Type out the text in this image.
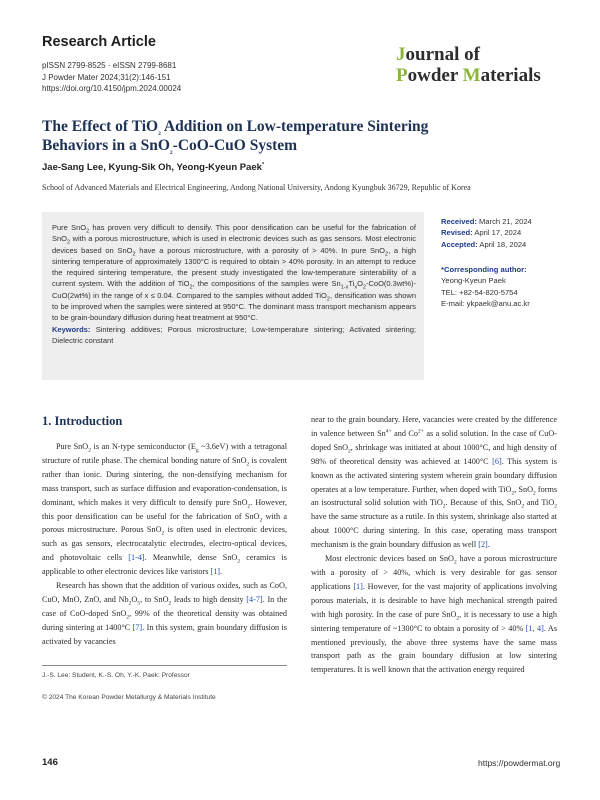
Research Article
pISSN 2799-8525 · eISSN 2799-8681
J Powder Mater 2024;31(2):146-151
https://doi.org/10.4150/jpm.2024.00024
Journal of
Powder Materials
The Effect of TiO$_2$ Addition on Low-temperature Sintering
Behaviors in a SnO$_2$-CoO-CuO System
Jae-Sang Lee, Kyung-Sik Oh, Yeong-Kyeun Paek*
School of Advanced Materials and Electrical Engineering, Andong National University, Andong Kyungbuk 36729, Republic of Korea

Pure SnO$_2$ has proven very difficult to densify. This poor densification can be useful for the fabrication of SnO$_2$ with a porous microstructure, which is used in electronic devices such as gas sensors. Most electronic devices based on SnO$_2$ have a porous microstructure, with a porosity of > 40%. In pure SnO$_2$, a high sintering temperature of approximately 1300°C is required to obtain > 40% porosity. In an attempt to reduce the required sintering temperature, the present study investigated the low-temperature sinterability of a current system. With the addition of TiO$_2$, the compositions of the samples were $Sn_{1-x}Ti_xO_2-CoO(0.3wt\%)-CuO(2wt\%)$ in the range of x ≤ 0.04. Compared to the samples without added TiO$_2$, densification was shown to be improved when the samples were sintered at 950°C. The dominant mass transport mechanism appears to be grain-boundary diffusion during heat treatment at 950°C.

Keywords: Sintering additives; Porous microstructure; Low-temperature sintering; Activated sintering; Dielectric constant

Received: March 21, 2024
Revised: April 17, 2024
Accepted: April 18, 2024
*Corresponding author:
Yeong-Kyeun Paek
TEL: +82-54-820-5754
E-mail: ykpaek@anu.ac.kr
1. Introduction

Pure SnO$_2$ is an N-type semiconductor ($E_g$ ~3.6eV) with a tetragonal structure of rutile phase. The chemical bonding nature of SnO$_2$ is covalent rather than ionic. During sintering, the non-densifying mechanism for mass transport, such as surface diffusion and evaporation-condensation, is dominant, which makes it very difficult to densify pure SnO$_2$. However, this poor densification can be useful for the fabrication of SnO$_2$ with a porous microstructure. Porous SnO$_2$ is often used in electronic devices, such as gas sensors, electrocatalytic electrodes, electro-optical devices, and photovoltaic cells [1-4]. Meanwhile, dense SnO$_2$ ceramics is applicable to other electronic devices like varistors [1].

Research has shown that the addition of various oxides, such as CoO, CuO, MnO, ZnO, and $Nb_2O_5$, to SnO$_2$ leads to high density [4-7]. In the case of CoO-doped SnO$_2$, 99% of the theoretical density was obtained during sintering at 1400°C [7]. In this system, grain boundary diffusion is activated by vacancies

near to the grain boundary. Here, vacancies were created by the difference in valence between $Sn^{4+}$ and $Co^{2+}$ as a solid solution. In the case of CuO-doped SnO$_2$, shrinkage was initiated at about 1000°C, and high density of 98% of theoretical density was achieved at 1400°C [6]. This system is known as the activated sintering system wherein grain boundary diffusion operates at a low temperature. Further, when doped with TiO$_2$, SnO$_2$ forms an isostructural solid solution with TiO$_2$. Because of this, SnO$_2$ and TiO$_2$ have the same structure as a rutile. In this system, shrinkage also started at about 1000°C during sintering. In this case, operating mass transport mechanism is the grain boundary diffusion as well [2].

Most electronic devices based on SnO$_2$ have a porous microstructure with a porosity of > 40%, which is very desirable for gas sensor applications [1]. However, for the vast majority of applications involving porous materials, it is desirable to have high mechanical strength paired with high porosity. In the case of pure SnO$_2$, it is necessary to use a high sintering temperature of ~1300°C to obtain a porosity of > 40% [1, 4]. As mentioned previously, the above three systems have the same mass transport path as the grain boundary diffusion at low sintering temperatures. It is well known that the activation energy required

J.-S. Lee: Student, K.-S. Oh, Y.-K. Paek: Professor
© 2024 The Korean Powder Metallurgy & Materials Institute
146	https://powdermat.org
